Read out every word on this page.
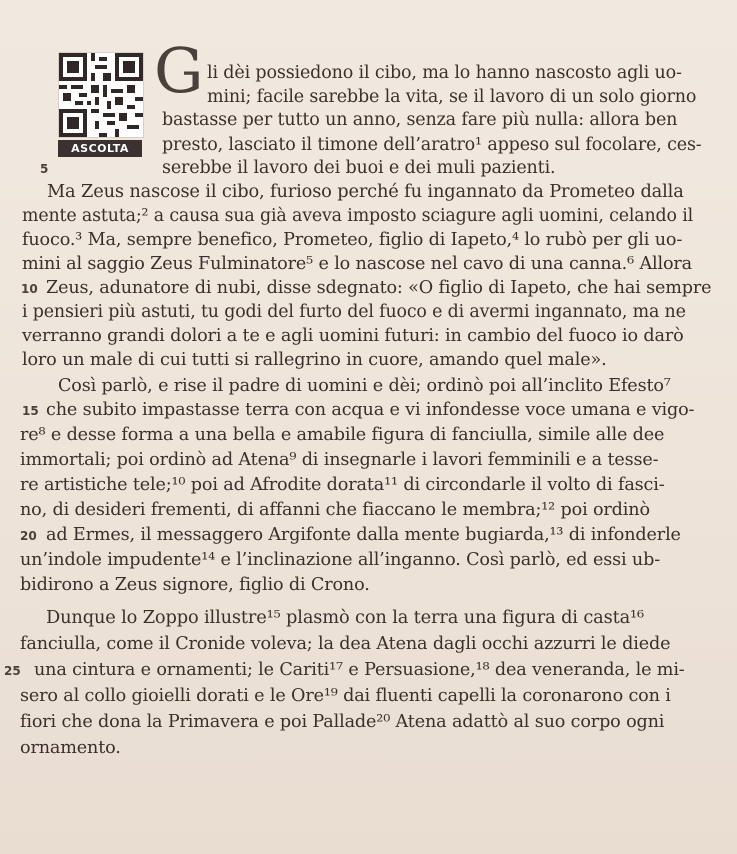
ASCOLTA
G li dèi possiedono il cibo, ma lo hanno nascosto agli uo-
mini; facile sarebbe la vita, se il lavoro di un solo giorno
bastasse per tutto un anno, senza fare più nulla: allora ben
presto, lasciato il timone dell’aratro¹ appeso sul focolare, ces-
serebbe il lavoro dei buoi e dei muli pazienti.
Ma Zeus nascose il cibo, furioso perché fu ingannato da Prometeo dalla
mente astuta;² a causa sua già aveva imposto sciagure agli uomini, celando il
fuoco.³ Ma, sempre benefico, Prometeo, figlio di Iapeto,⁴ lo rubò per gli uo-
mini al saggio Zeus Fulminatore⁵ e lo nascose nel cavo di una canna.⁶ Allora
Zeus, adunatore di nubi, disse sdegnato: «O figlio di Iapeto, che hai sempre
i pensieri più astuti, tu godi del furto del fuoco e di avermi ingannato, ma ne
verranno grandi dolori a te e agli uomini futuri: in cambio del fuoco io darò
loro un male di cui tutti si rallegrino in cuore, amando quel male».
Così parlò, e rise il padre di uomini e dèi; ordinò poi all’inclito Efesto⁷
che subito impastasse terra con acqua e vi infondesse voce umana e vigo-
re⁸ e desse forma a una bella e amabile figura di fanciulla, simile alle dee
immortali; poi ordinò ad Atena⁹ di insegnarle i lavori femminili e a tesse-
re artistiche tele;¹⁰ poi ad Afrodite dorata¹¹ di circondarle il volto di fasci-
no, di desideri frementi, di affanni che fiaccano le membra;¹² poi ordinò
ad Ermes, il messaggero Argifonte dalla mente bugiarda,¹³ di infonderle
un’indole impudente¹⁴ e l’inclinazione all’inganno. Così parlò, ed essi ub-
bidirono a Zeus signore, figlio di Crono.
Dunque lo Zoppo illustre¹⁵ plasmò con la terra una figura di casta¹⁶
fanciulla, come il Cronide voleva; la dea Atena dagli occhi azzurri le diede
una cintura e ornamenti; le Cariti¹⁷ e Persuasione,¹⁸ dea veneranda, le mi-
sero al collo gioielli dorati e le Ore¹⁹ dai fluenti capelli la coronarono con i
fiori che dona la Primavera e poi Pallade²⁰ Atena adattò al suo corpo ogni
ornamento.
5
10
15
20
25
